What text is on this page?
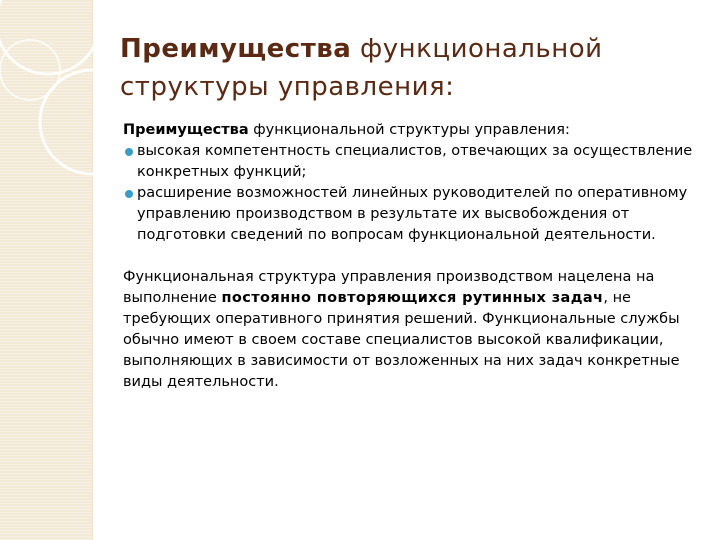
Преимущества функциональной структуры управления:

Преимущества функциональной структуры управления:

высокая компетентность специалистов, отвечающих за осуществление конкретных функций;
расширение возможностей линейных руководителей по оперативному управлению производством в результате их высвобождения от подготовки сведений по вопросам функциональной деятельности.

Функциональная структура управления производством нацелена на выполнение постоянно повторяющихся рутинных задач, не требующих оперативного принятия решений. Функциональные службы обычно имеют в своем составе специалистов высокой квалификации, выполняющих в зависимости от возложенных на них задач конкретные виды деятельности.
